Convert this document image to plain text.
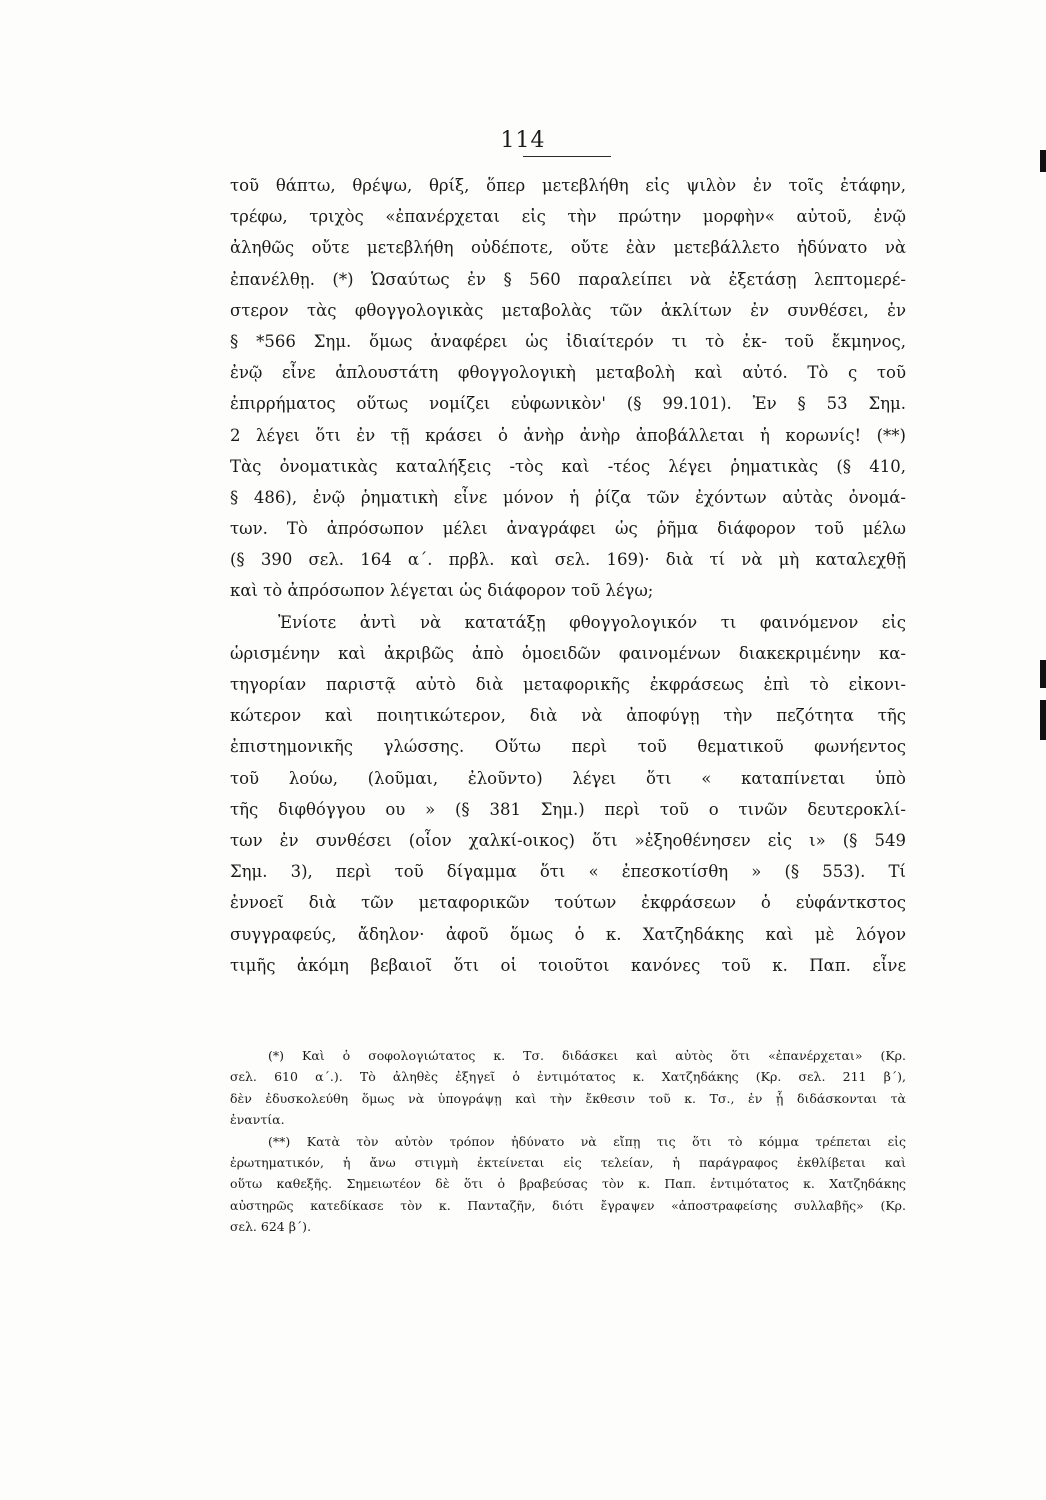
114
τοῦ θάπτω, θρέψω, θρίξ, ὅπερ μετεβλήθη εἰς ψιλὸν ἐν τοῖς ἐτάφην,
τρέφω, τριχὸς «ἐπανέρχεται εἰς τὴν πρώτην μορφὴν« αὐτοῦ, ἐνῷ
ἀληθῶς οὔτε μετεβλήθη οὐδέποτε, οὔτε ἐὰν μετεβάλλετο ἠδύνατο νὰ
ἐπανέλθῃ. (*) Ὡσαύτως ἐν § 560 παραλείπει νὰ ἐξετάσῃ λεπτομερέ-
στερον τὰς φθογγολογικὰς μεταβολὰς τῶν ἀκλίτων ἐν συνθέσει, ἐν
§ *566 Σημ. ὅμως ἀναφέρει ὡς ἰδιαίτερόν τι τὸ ἐκ- τοῦ ἔκμηνος,
ἐνῷ εἶνε ἁπλουστάτη φθογγολογικὴ μεταβολὴ καὶ αὐτό. Τὸ ς τοῦ
ἐπιρρήματος οὕτως νομίζει εὐφωνικὸν' (§ 99.101). Ἐν § 53 Σημ.
2 λέγει ὅτι ἐν τῇ κράσει ὁ ἀνὴρ ἀνὴρ ἀποβάλλεται ἡ κορωνίς! (**)
Τὰς ὀνοματικὰς καταλήξεις -τὸς καὶ -τέος λέγει ῥηματικὰς (§ 410,
§ 486), ἐνῷ ῥηματικὴ εἶνε μόνον ἡ ῥίζα τῶν ἐχόντων αὐτὰς ὀνομά-
των. Τὸ ἀπρόσωπον μέλει ἀναγράφει ὡς ῥῆμα διάφορον τοῦ μέλω
(§ 390 σελ. 164 α΄. πρβλ. καὶ σελ. 169)· διὰ τί νὰ μὴ καταλεχθῇ
καὶ τὸ ἀπρόσωπον λέγεται ὡς διάφορον τοῦ λέγω;
Ἐνίοτε ἀντὶ νὰ κατατάξῃ φθογγολογικόν τι φαινόμενον εἰς
ὡρισμένην καὶ ἀκριβῶς ἀπὸ ὁμοειδῶν φαινομένων διακεκριμένην κα-
τηγορίαν παριστᾷ αὐτὸ διὰ μεταφορικῆς ἐκφράσεως ἐπὶ τὸ εἰκονι-
κώτερον καὶ ποιητικώτερον, διὰ νὰ ἀποφύγῃ τὴν πεζότητα τῆς
ἐπιστημονικῆς γλώσσης. Οὕτω περὶ τοῦ θεματικοῦ φωνήεντος
τοῦ λούω, (λοῦμαι, ἐλοῦντο) λέγει ὅτι « καταπίνεται ὑπὸ
τῆς διφθόγγου ου » (§ 381 Σημ.) περὶ τοῦ ο τινῶν δευτεροκλί-
των ἐν συνθέσει (οἷον χαλκί-οικος) ὅτι »ἐξηοθένησεν εἰς ι» (§ 549
Σημ. 3), περὶ τοῦ δίγαμμα ὅτι « ἐπεσκοτίσθη » (§ 553). Τί
ἐννοεῖ διὰ τῶν μεταφορικῶν τούτων ἐκφράσεων ὁ εὐφάντκστος
συγγραφεύς, ἄδηλον· ἀφοῦ ὅμως ὁ κ. Χατζηδάκης καὶ μὲ λόγον
τιμῆς ἀκόμη βεβαιοῖ ὅτι οἱ τοιοῦτοι κανόνες τοῦ κ. Παπ. εἶνε
(*) Καὶ ὁ σοφολογιώτατος κ. Τσ. διδάσκει καὶ αὐτὸς ὅτι «ἐπανέρχεται» (Κρ.
σελ. 610 α΄.). Τὸ ἀληθὲς ἐξηγεῖ ὁ ἐντιμότατος κ. Χατζηδάκης (Κρ. σελ. 211 β΄),
δὲν ἐδυσκολεύθη ὅμως νὰ ὑπογράψῃ καὶ τὴν ἔκθεσιν τοῦ κ. Τσ., ἐν ᾗ διδάσκονται τὰ
ἐναντία.
(**) Κατὰ τὸν αὐτὸν τρόπον ἠδύνατο νὰ εἴπῃ τις ὅτι τὸ κόμμα τρέπεται εἰς
ἐρωτηματικόν, ἡ ἄνω στιγμὴ ἐκτείνεται εἰς τελείαν, ἡ παράγραφος ἐκθλίβεται καὶ
οὕτω καθεξῆς. Σημειωτέον δὲ ὅτι ὁ βραβεύσας τὸν κ. Παπ. ἐντιμότατος κ. Χατζηδάκης
αὐστηρῶς κατεδίκασε τὸν κ. Πανταζῆν, διότι ἔγραψεν «ἀποστραφείσης συλλαβῆς» (Κρ.
σελ. 624 β΄).
